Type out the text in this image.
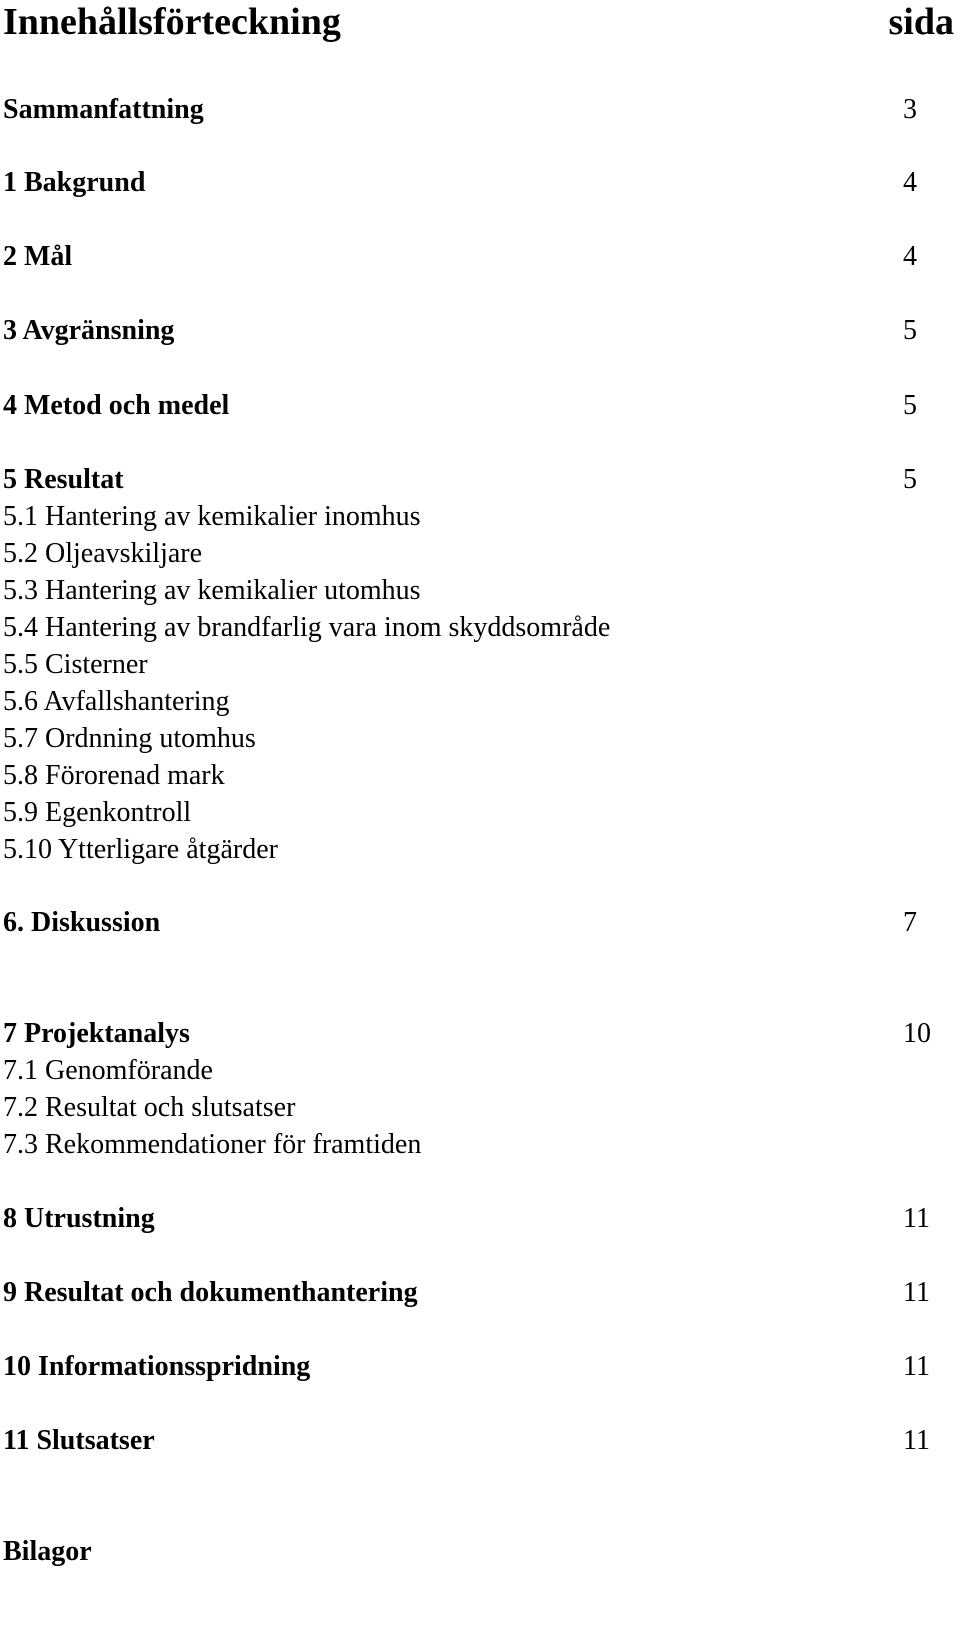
Innehållsförteckning	sida
Sammanfattning	3
1 Bakgrund	4
2 Mål	4
3 Avgränsning	5
4 Metod och medel	5
5 Resultat	5
5.1 Hantering av kemikalier inomhus
5.2 Oljeavskiljare
5.3 Hantering av kemikalier utomhus
5.4 Hantering av brandfarlig vara inom skyddsområde
5.5 Cisterner
5.6 Avfallshantering
5.7 Ordnning utomhus
5.8 Förorenad mark
5.9 Egenkontroll
5.10 Ytterligare åtgärder
6. Diskussion	7
7 Projektanalys	10
7.1 Genomförande
7.2 Resultat och slutsatser
7.3 Rekommendationer för framtiden
8 Utrustning	11
9 Resultat och dokumenthantering	11
10 Informationsspridning	11
11 Slutsatser	11
Bilagor
